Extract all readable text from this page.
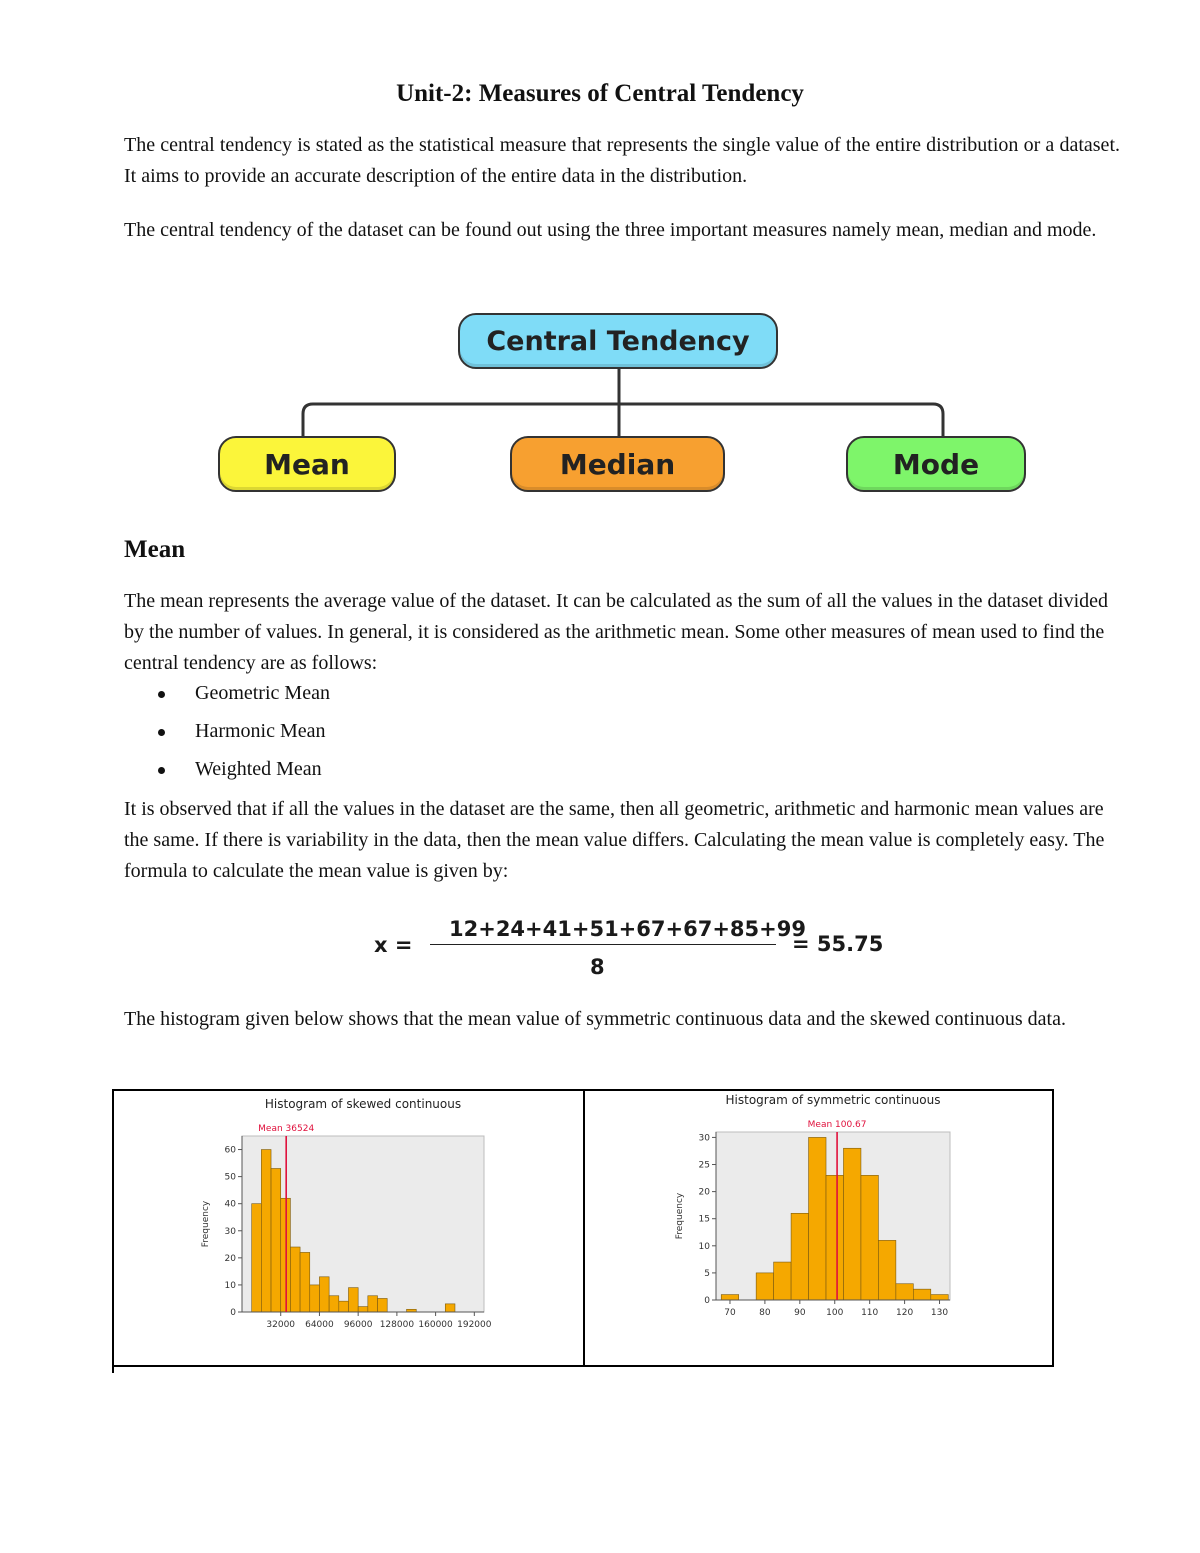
Unit-2: Measures of Central Tendency

The central tendency is stated as the statistical measure that represents the single value of the entire distribution or a dataset. It aims to provide an accurate description of the entire data in the distribution.

The central tendency of the dataset can be found out using the three important measures namely mean, median and mode.

Central Tendency
Mean	Median	Mode
Mean

The mean represents the average value of the dataset. It can be calculated as the sum of all the values in the dataset divided by the number of values. In general, it is considered as the arithmetic mean. Some other measures of mean used to find the central tendency are as follows:

Geometric Mean
Harmonic Mean
Weighted Mean

It is observed that if all the values in the dataset are the same, then all geometric, arithmetic and harmonic mean values are the same. If there is variability in the data, then the mean value differs. Calculating the mean value is completely easy. The formula to calculate the mean value is given by:

x =
12+24+41+51+67+67+85+99
8
= 55.75

The histogram given below shows that the mean value of symmetric continuous data and the skewed continuous data.

Histogram of skewed continuous
0
10
20
30
40
50
60
32000 64000 96000 128000 160000 192000
Frequency
Mean 36524
Histogram of symmetric continuous
0
5
10
15
20
25
30
70	80	90 100 110 120 130
Frequency
Mean 100.67
